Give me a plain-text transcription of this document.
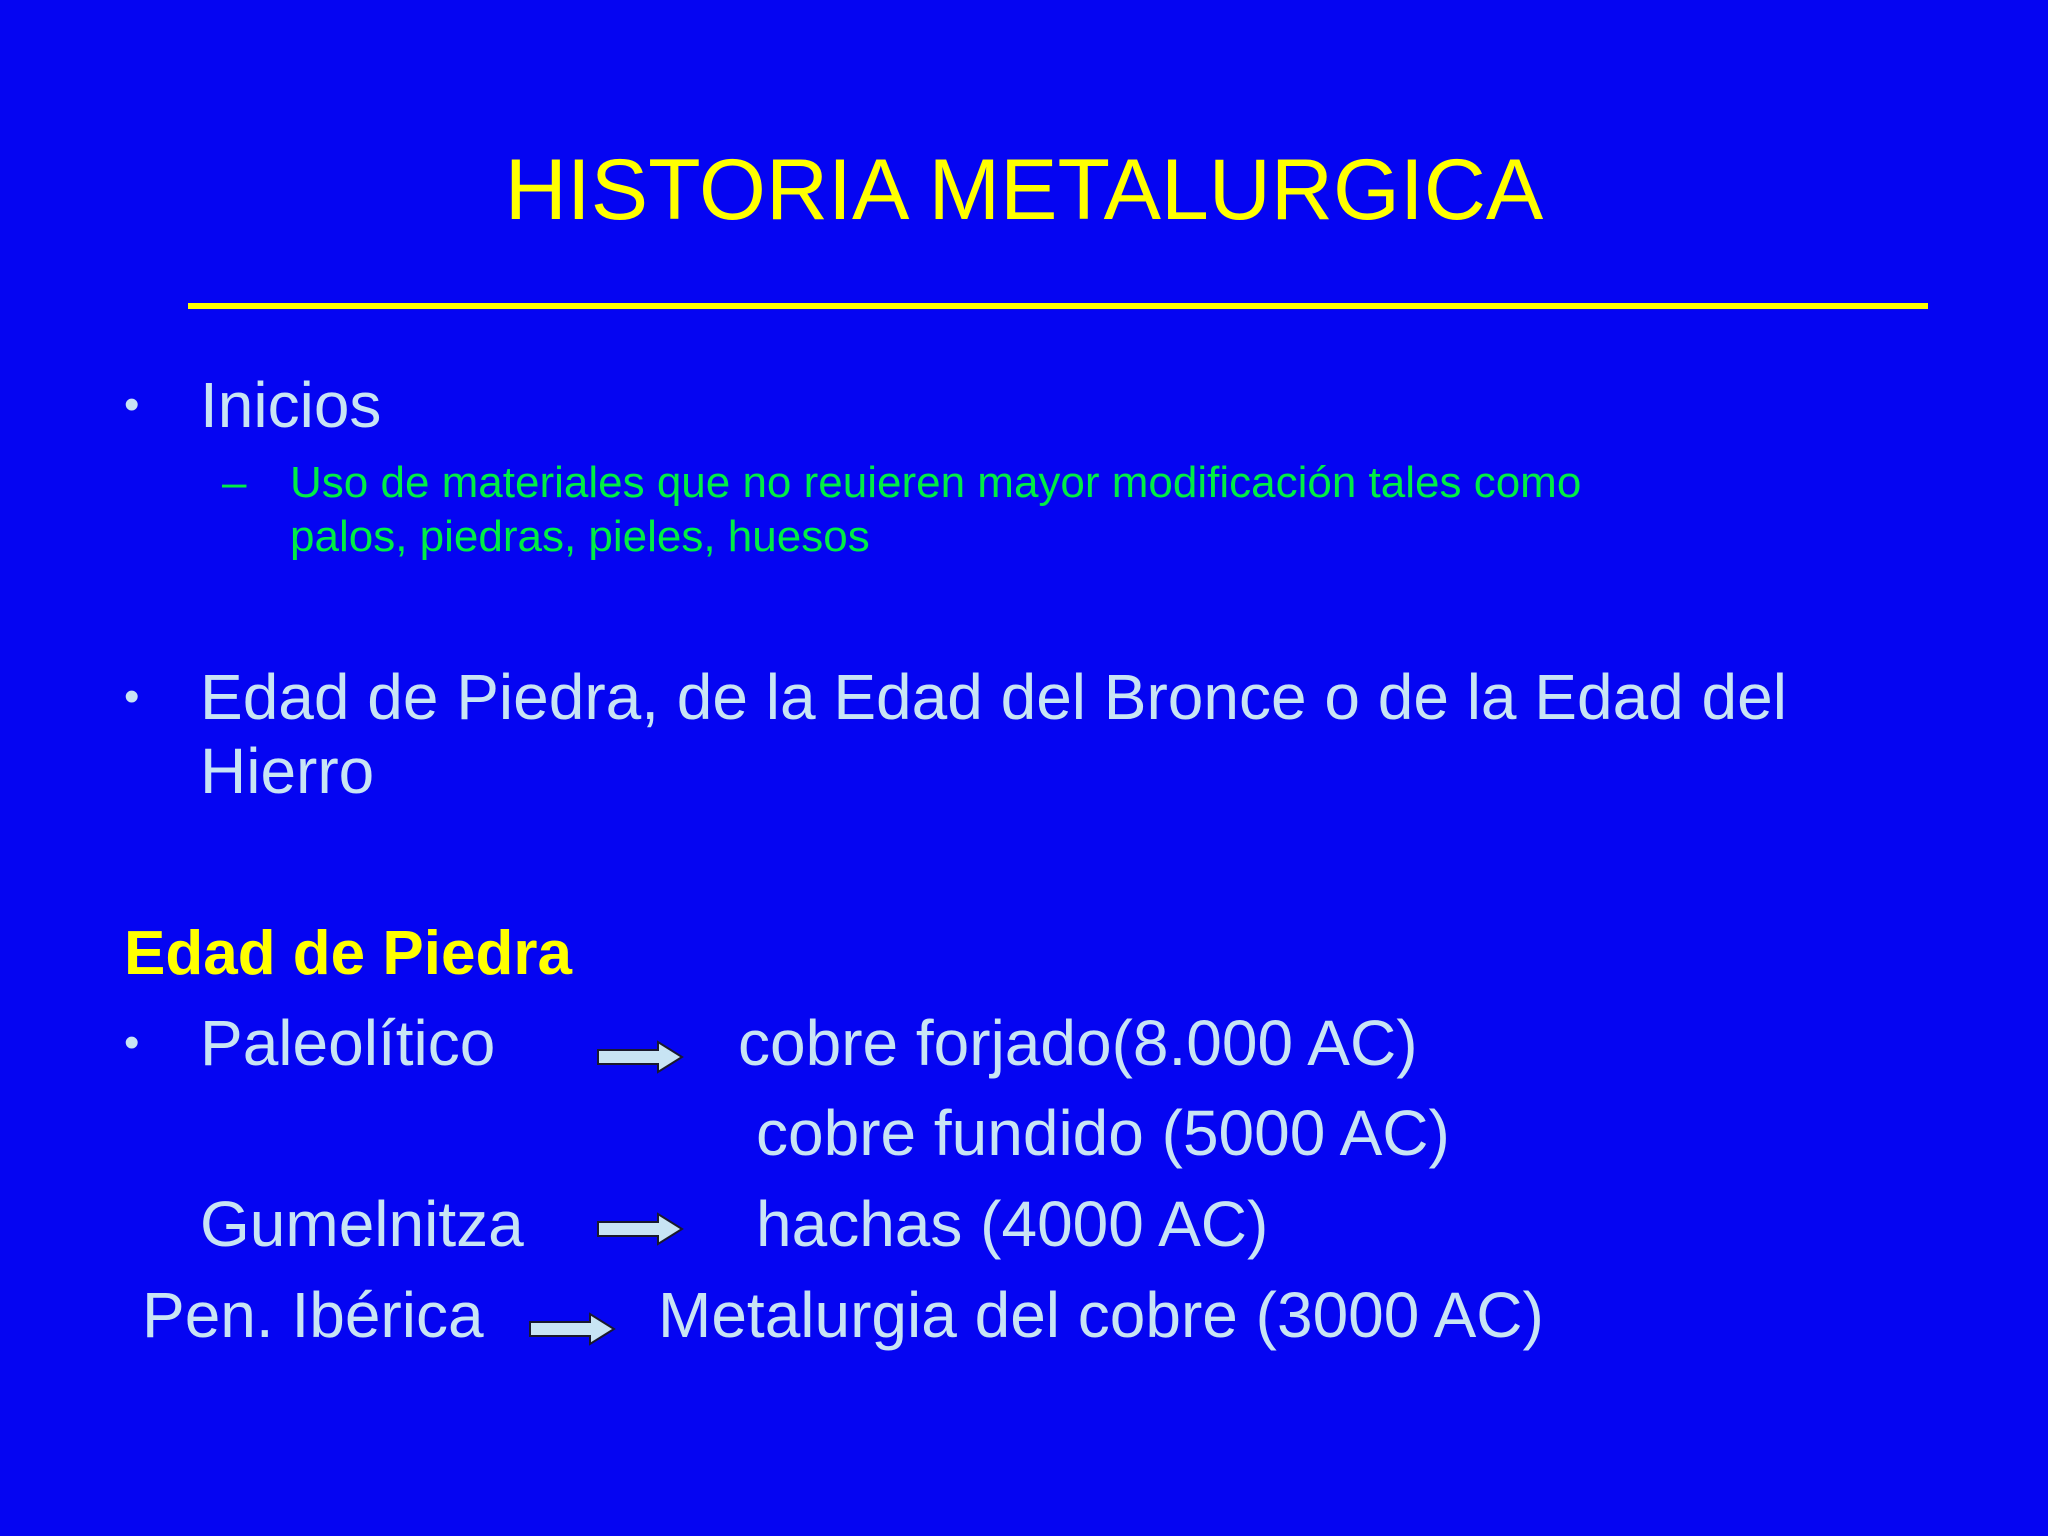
HISTORIA METALURGICA
• Inicios
– Uso de materiales que no reuieren mayor modificación tales como
palos, piedras, pieles, huesos
• Edad de Piedra, de la Edad del Bronce o de la Edad del
Hierro
Edad de Piedra
• Paleolítico	cobre forjado(8.000 AC)
cobre fundido (5000 AC)
Gumelnitza	hachas (4000 AC)
Pen. Ibérica	Metalurgia del cobre (3000 AC)
